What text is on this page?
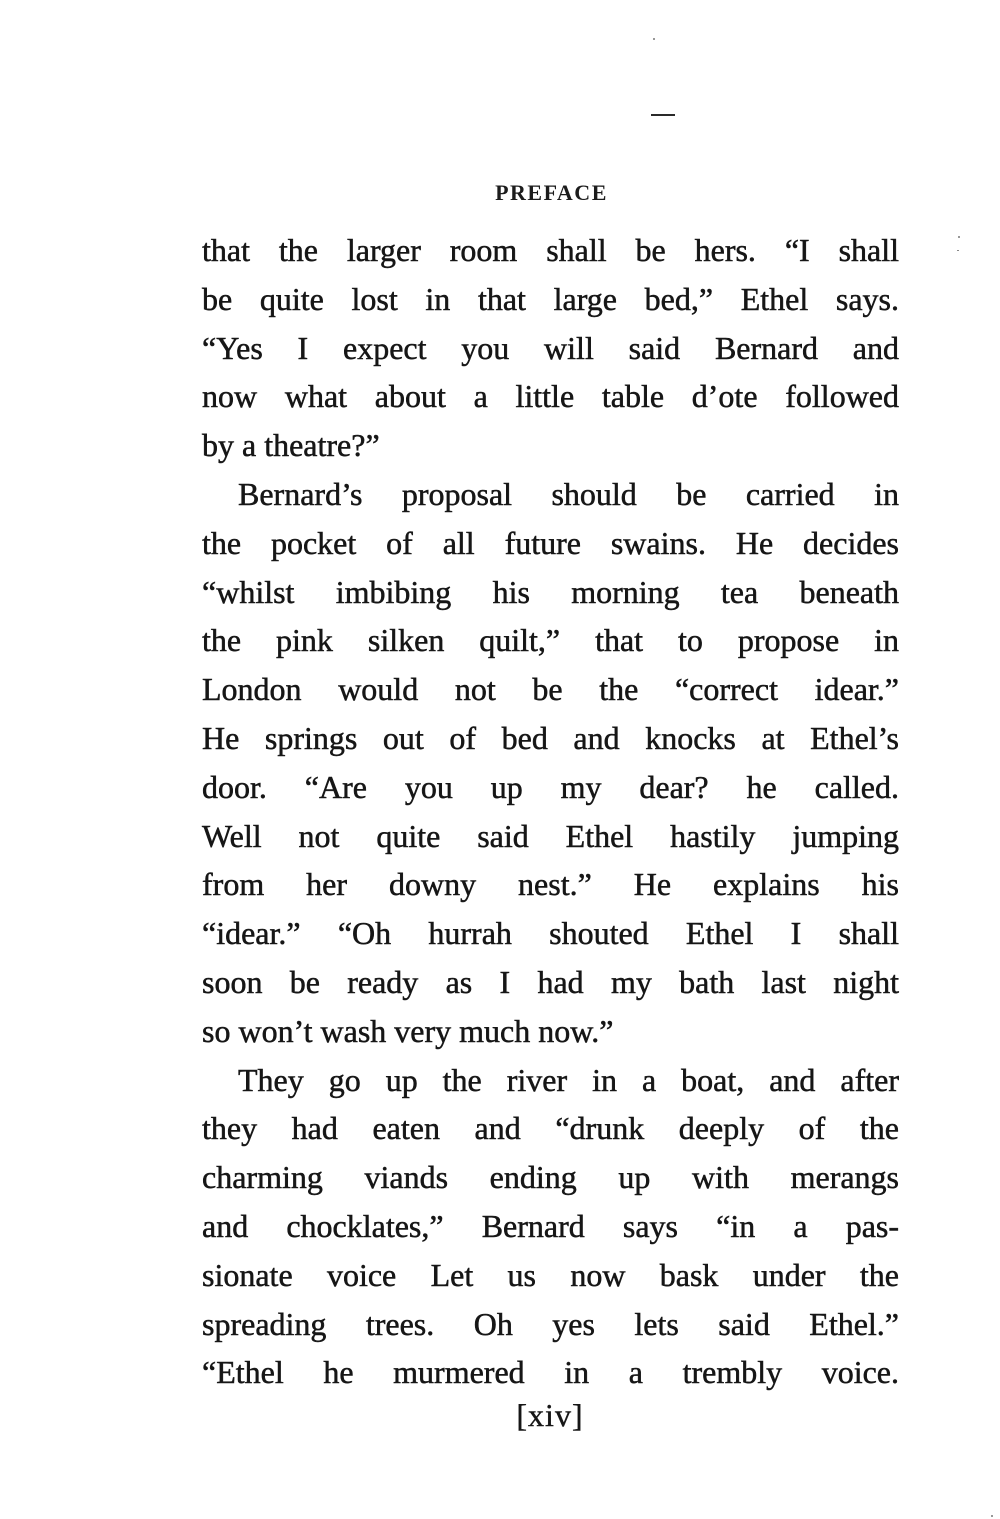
PREFACE
that the larger room shall be hers. “I shall
be quite lost in that large bed,” Ethel says.
“Yes I expect you will said Bernard and
now what about a little table d’ote followed
by a theatre?”
Bernard’s proposal should be carried in
the pocket of all future swains. He decides
“whilst imbibing his morning tea beneath
the pink silken quilt,” that to propose in
London would not be the “correct idear.”
He springs out of bed and knocks at Ethel’s
door. “Are you up my dear? he called.
Well not quite said Ethel hastily jumping
from her downy nest.” He explains his
“idear.” “Oh hurrah shouted Ethel I shall
soon be ready as I had my bath last night
so won’t wash very much now.”
They go up the river in a boat, and after
they had eaten and “drunk deeply of the
charming viands ending up with merangs
and chocklates,” Bernard says “in a pas-
sionate voice Let us now bask under the
spreading trees. Oh yes lets said Ethel.”
“Ethel he murmered in a trembly voice.
[xiv]
